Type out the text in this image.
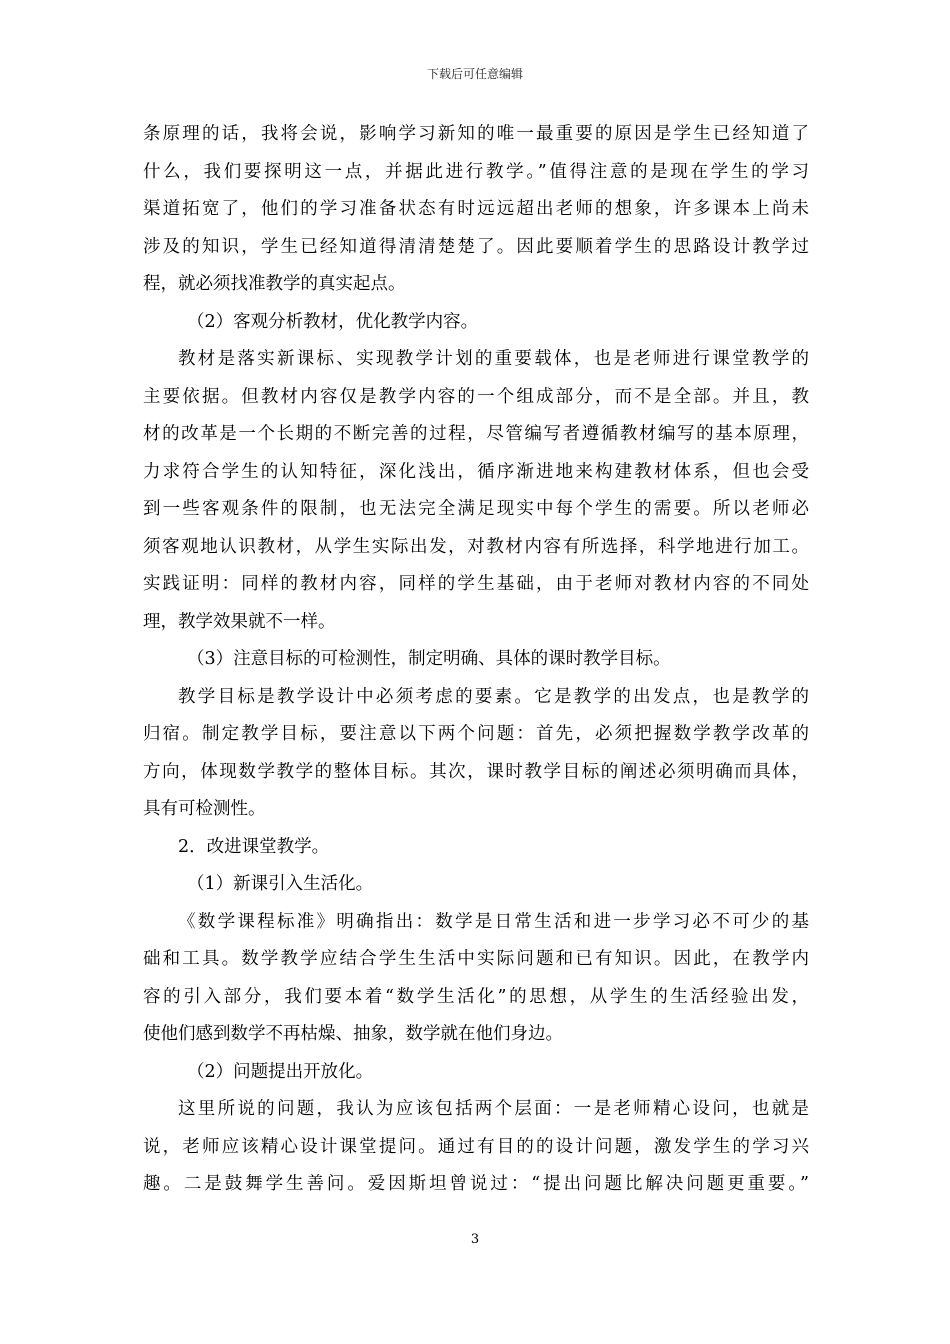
下载后可任意编辑
条原理的话，我将会说，影响学习新知的唯一最重要的原因是学生已经知道了
什么，我们要探明这一点，并据此进行教学。”值得注意的是现在学生的学习
渠道拓宽了，他们的学习准备状态有时远远超出老师的想象，许多课本上尚未
涉及的知识，学生已经知道得清清楚楚了。因此要顺着学生的思路设计教学过
程，就必须找准教学的真实起点。
（2）客观分析教材，优化教学内容。
教材是落实新课标、实现教学计划的重要载体，也是老师进行课堂教学的
主要依据。但教材内容仅是教学内容的一个组成部分，而不是全部。并且，教
材的改革是一个长期的不断完善的过程，尽管编写者遵循教材编写的基本原理，
力求符合学生的认知特征，深化浅出，循序渐进地来构建教材体系，但也会受
到一些客观条件的限制，也无法完全满足现实中每个学生的需要。所以老师必
须客观地认识教材，从学生实际出发，对教材内容有所选择，科学地进行加工。
实践证明：同样的教材内容，同样的学生基础，由于老师对教材内容的不同处
理，教学效果就不一样。
（3）注意目标的可检测性，制定明确、具体的课时教学目标。
教学目标是教学设计中必须考虑的要素。它是教学的出发点，也是教学的
归宿。制定教学目标，要注意以下两个问题：首先，必须把握数学教学改革的
方向，体现数学教学的整体目标。其次，课时教学目标的阐述必须明确而具体，
具有可检测性。
2．改进课堂教学。
（1）新课引入生活化。
《数学课程标准》明确指出：数学是日常生活和进一步学习必不可少的基
础和工具。数学教学应结合学生生活中实际问题和已有知识。因此，在教学内
容的引入部分，我们要本着“数学生活化”的思想，从学生的生活经验出发，
使他们感到数学不再枯燥、抽象，数学就在他们身边。
（2）问题提出开放化。
这里所说的问题，我认为应该包括两个层面：一是老师精心设问，也就是
说，老师应该精心设计课堂提问。通过有目的的设计问题，激发学生的学习兴
趣。二是鼓舞学生善问。爱因斯坦曾说过：“提出问题比解决问题更重要。”
3
